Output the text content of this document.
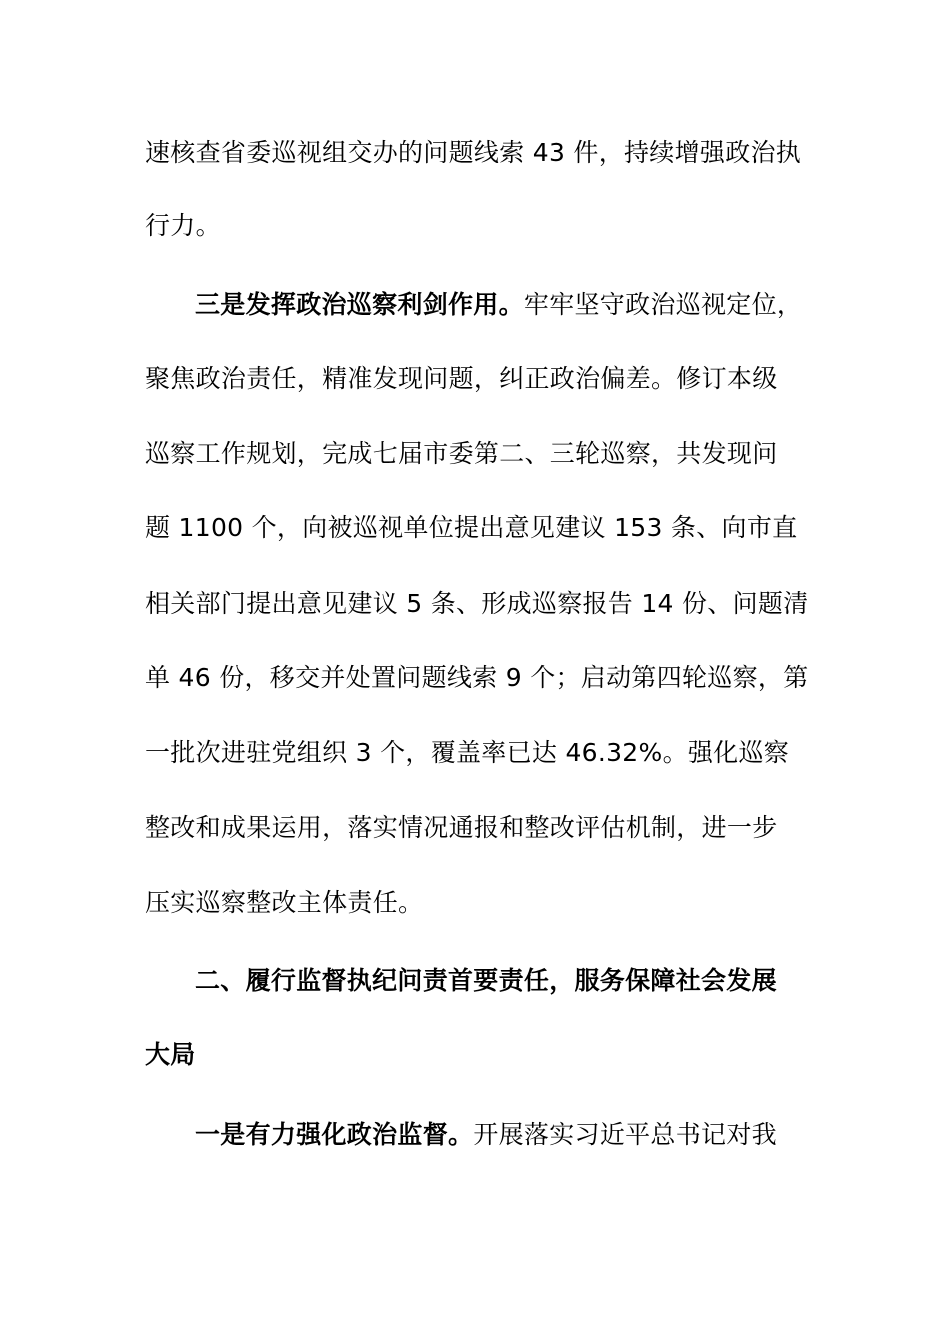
速核查省委巡视组交办的问题线索 43 件，持续增强政治执
行力。
三是发挥政治巡察利剑作用。牢牢坚守政治巡视定位，
聚焦政治责任，精准发现问题，纠正政治偏差。修订本级
巡察工作规划，完成七届市委第二、三轮巡察，共发现问
题 1100 个，向被巡视单位提出意见建议 153 条、向市直
相关部门提出意见建议 5 条、形成巡察报告 14 份、问题清
单 46 份，移交并处置问题线索 9 个；启动第四轮巡察，第
一批次进驻党组织 3 个，覆盖率已达 46.32%。强化巡察
整改和成果运用，落实情况通报和整改评估机制，进一步
压实巡察整改主体责任。
二、履行监督执纪问责首要责任，服务保障社会发展
大局
一是有力强化政治监督。开展落实习近平总书记对我
